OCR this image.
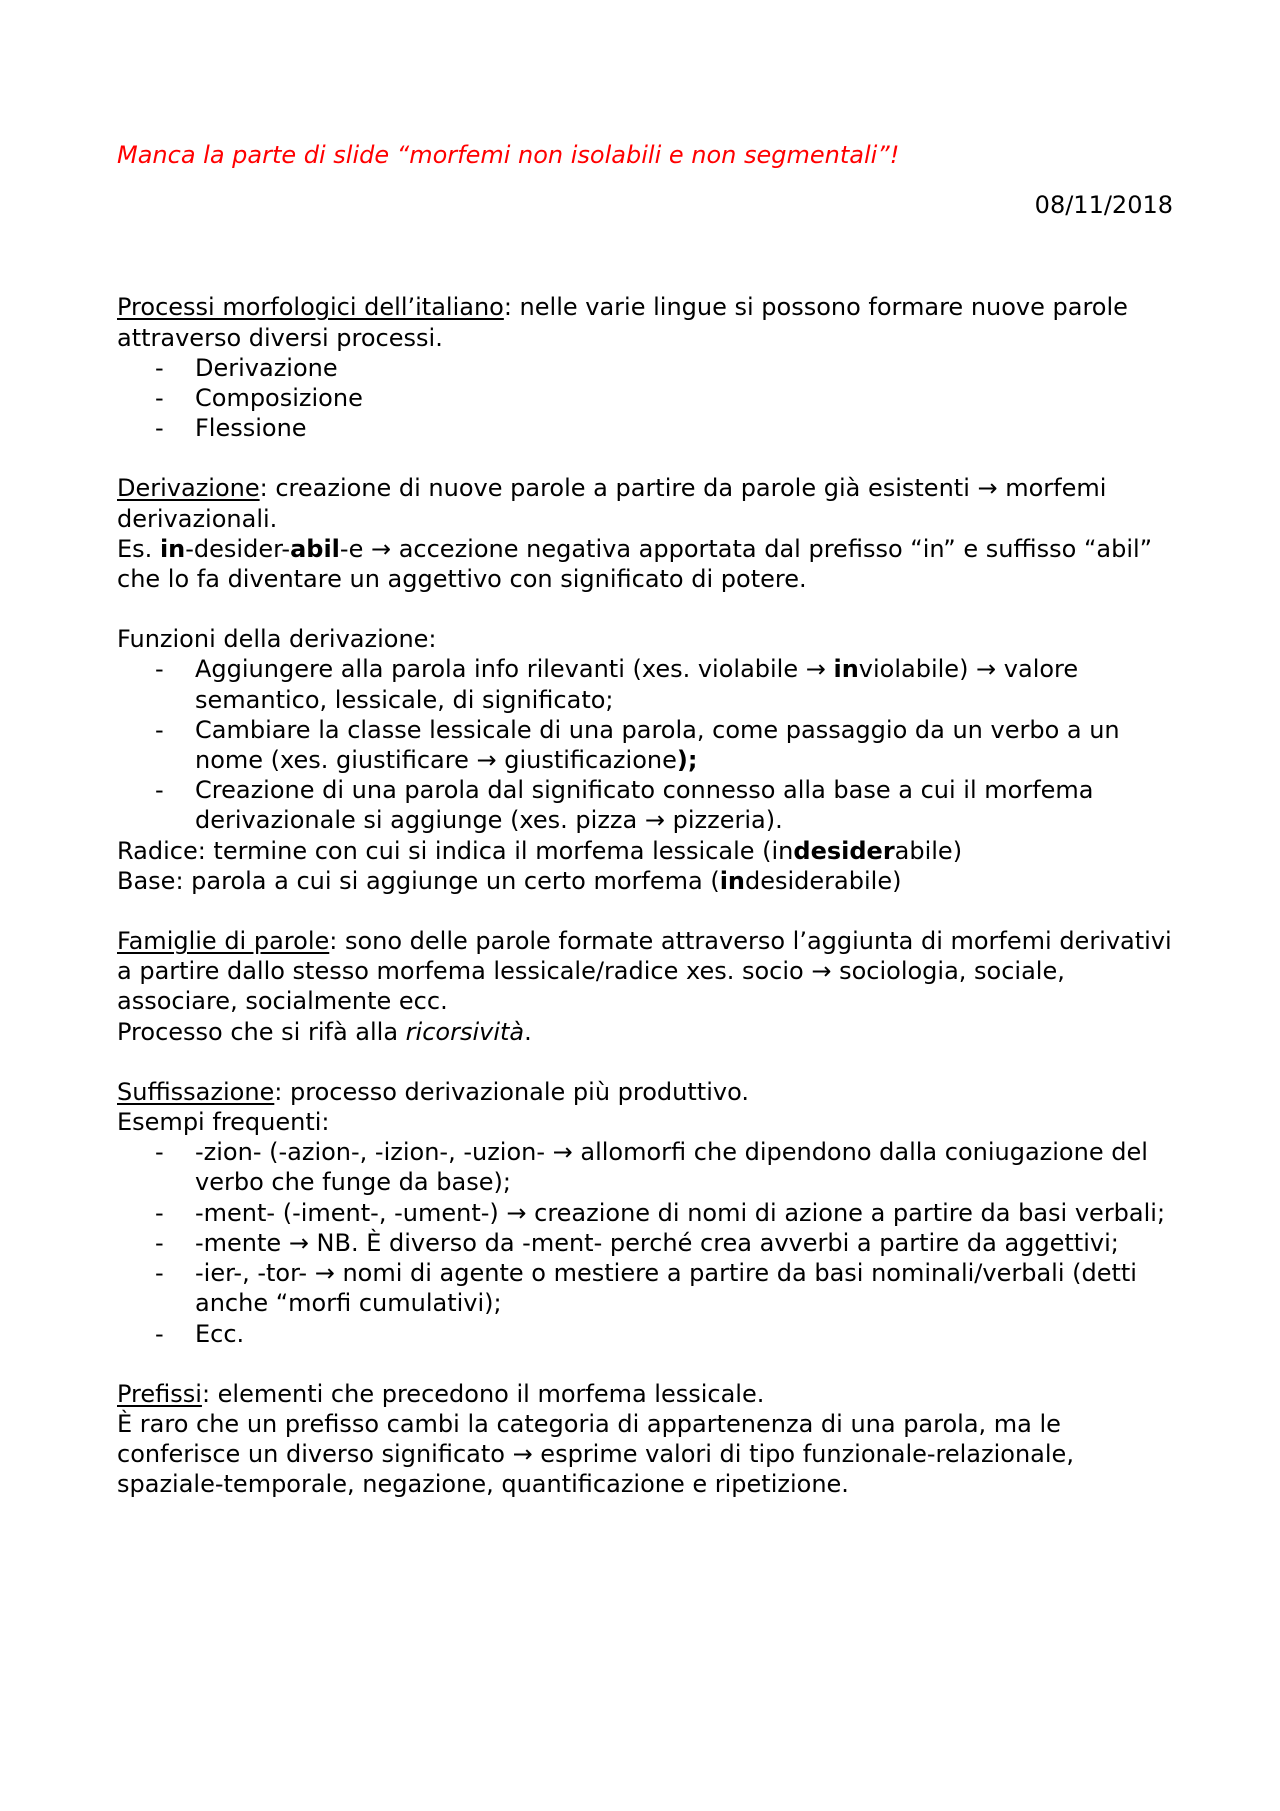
Manca la parte di slide “morfemi non isolabili e non segmentali”!

08/11/2018

Processi morfologici dell’italiano: nelle varie lingue si possono formare nuove parole attraverso diversi processi.

- Derivazione
- Composizione
- Flessione

Derivazione: creazione di nuove parole a partire da parole già esistenti → morfemi derivazionali.

Es. in-desider-abil-e → accezione negativa apportata dal prefisso “in” e suffisso “abil” che lo fa diventare un aggettivo con significato di potere.

Funzioni della derivazione:

- Aggiungere alla parola info rilevanti (xes. violabile → inviolabile) → valore semantico, lessicale, di significato;
- Cambiare la classe lessicale di una parola, come passaggio da un verbo a un nome (xes. giustificare → giustificazione);
- Creazione di una parola dal significato connesso alla base a cui il morfema derivazionale si aggiunge (xes. pizza → pizzeria).

Radice: termine con cui si indica il morfema lessicale (indesiderabile)

Base: parola a cui si aggiunge un certo morfema (indesiderabile)

Famiglie di parole: sono delle parole formate attraverso l’aggiunta di morfemi derivativi a partire dallo stesso morfema lessicale/radice xes. socio → sociologia, sociale, associare, socialmente ecc.

Processo che si rifà alla ricorsività.

Suffissazione: processo derivazionale più produttivo.

Esempi frequenti:

- -zion- (-azion-, -izion-, -uzion- → allomorfi che dipendono dalla coniugazione del verbo che funge da base);
- -ment- (-iment-, -ument-) → creazione di nomi di azione a partire da basi verbali;
- -mente → NB. È diverso da -ment- perché crea avverbi a partire da aggettivi;
- -ier-, -tor- → nomi di agente o mestiere a partire da basi nominali/verbali (detti anche “morfi cumulativi);
- Ecc.

Prefissi: elementi che precedono il morfema lessicale.

È raro che un prefisso cambi la categoria di appartenenza di una parola, ma le conferisce un diverso significato → esprime valori di tipo funzionale-relazionale, spaziale-temporale, negazione, quantificazione e ripetizione.
